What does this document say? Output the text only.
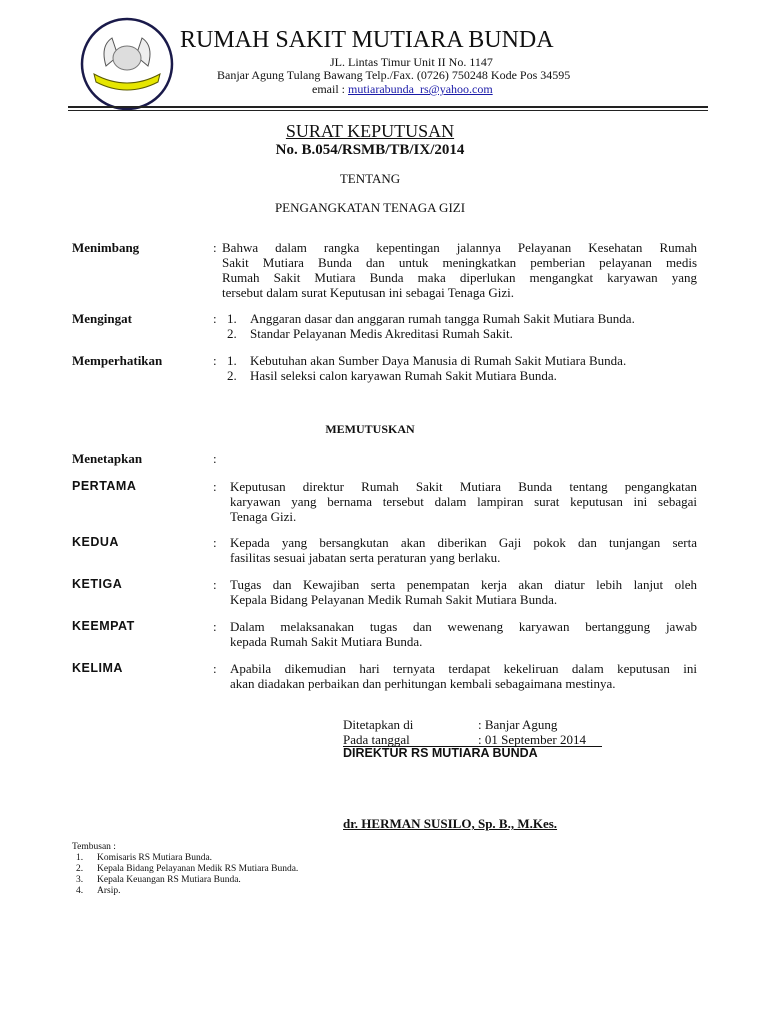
RUMAH SAKIT MUTIARA BUNDA
JL. Lintas Timur Unit II No. 1147
Banjar Agung Tulang Bawang Telp./Fax. (0726) 750248 Kode Pos 34595
email : mutiarabunda_rs@yahoo.com
SURAT KEPUTUSAN
No. B.054/RSMB/TB/IX/2014
TENTANG
PENGANGKATAN TENAGA GIZI
Menimbang	: Bahwa dalam rangka kepentingan jalannya Pelayanan Kesehatan Rumah
Sakit Mutiara Bunda dan untuk meningkatkan pemberian pelayanan medis
Rumah Sakit Mutiara Bunda maka diperlukan mengangkat karyawan yang
tersebut dalam surat Keputusan ini sebagai Tenaga Gizi.
Mengingat	: 1. Anggaran dasar dan anggaran rumah tangga Rumah Sakit Mutiara Bunda.
2. Standar Pelayanan Medis Akreditasi Rumah Sakit.
Memperhatikan	: 1. Kebutuhan akan Sumber Daya Manusia di Rumah Sakit Mutiara Bunda.
2. Hasil seleksi calon karyawan Rumah Sakit Mutiara Bunda.
MEMUTUSKAN
Menetapkan	:
PERTAMA	: Keputusan direktur Rumah Sakit Mutiara Bunda tentang pengangkatan
karyawan yang bernama tersebut dalam lampiran surat keputusan ini sebagai
Tenaga Gizi.
KEDUA	: Kepada yang bersangkutan akan diberikan Gaji pokok dan tunjangan serta
fasilitas sesuai jabatan serta peraturan yang berlaku.
KETIGA	: Tugas dan Kewajiban serta penempatan kerja akan diatur lebih lanjut oleh
Kepala Bidang Pelayanan Medik Rumah Sakit Mutiara Bunda.
KEEMPAT	: Dalam melaksanakan tugas dan wewenang karyawan bertanggung jawab
kepada Rumah Sakit Mutiara Bunda.
KELIMA	: Apabila dikemudian hari ternyata terdapat kekeliruan dalam keputusan ini
akan diadakan perbaikan dan perhitungan kembali sebagaimana mestinya.
Ditetapkan di	: Banjar Agung
Pada tanggal	: 01 September 2014
DIREKTUR RS MUTIARA BUNDA
dr. HERMAN SUSILO, Sp. B., M.Kes.
Tembusan :
1. Komisaris RS Mutiara Bunda.
2. Kepala Bidang Pelayanan Medik RS Mutiara Bunda.
3. Kepala Keuangan RS Mutiara Bunda.
4. Arsip.
